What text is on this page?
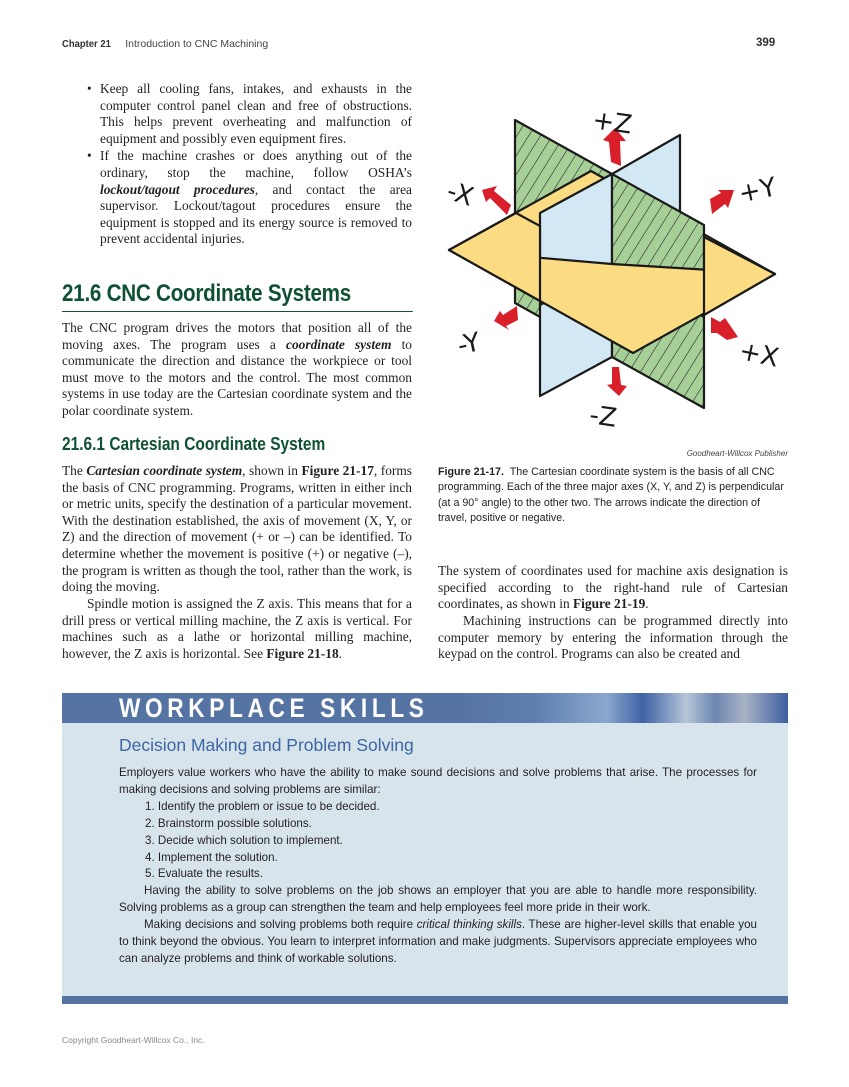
Chapter 21 Introduction to CNC Machining	399
• Keep all cooling fans, intakes, and exhausts in the computer control panel clean and free of obstructions. This helps prevent overheating and malfunction of equipment and possibly even equipment fires.
• If the machine crashes or does anything out of the ordinary, stop the machine, follow OSHA’s lockout/tagout procedures, and contact the area supervisor. Lockout/tagout procedures ensure the equipment is stopped and its energy source is removed to prevent accidental injuries.
21.6 CNC Coordinate Systems
The CNC program drives the motors that position all of the moving axes. The program uses a coordinate system to communicate the direction and distance the workpiece or tool must move to the motors and the control. The most common systems in use today are the Cartesian coordinate system and the polar coordinate system.
21.6.1 Cartesian Coordinate System
The Cartesian coordinate system, shown in Figure 21-17, forms the basis of CNC programming. Programs, written in either inch or metric units, specify the destination of a particular movement. With the destination established, the axis of movement (X, Y, or Z) and the direction of movement (+ or –) can be identified. To determine whether the movement is positive (+) or negative (–), the program is written as though the tool, rather than the work, is doing the moving.
Spindle motion is assigned the Z axis. This means that for a drill press or vertical milling machine, the Z axis is vertical. For machines such as a lathe or horizontal milling machine, however, the Z axis is horizontal. See Figure 21-18.
+Z
-Z
-X
+X
+Y
-Y
Goodheart-Willcox Publisher
Figure 21-17. The Cartesian coordinate system is the basis of all CNC programming. Each of the three major axes (X, Y, and Z) is perpendicular (at a 90° angle) to the other two. The arrows indicate the direction of travel, positive or negative.
The system of coordinates used for machine axis designation is specified according to the right-hand rule of Cartesian coordinates, as shown in Figure 21-19.
Machining instructions can be programmed directly into computer memory by entering the information through the keypad on the control. Programs can also be created and
WORKPLACE SKILLS
Decision Making and Problem Solving

Employers value workers who have the ability to make sound decisions and solve problems that arise. The processes for making decisions and solving problems are similar:

1. Identify the problem or issue to be decided.
2. Brainstorm possible solutions.
3. Decide which solution to implement.
4. Implement the solution.
5. Evaluate the results.

Having the ability to solve problems on the job shows an employer that you are able to handle more responsibility. Solving problems as a group can strengthen the team and help employees feel more pride in their work.

Making decisions and solving problems both require critical thinking skills. These are higher-level skills that enable you to think beyond the obvious. You learn to interpret information and make judgments. Supervisors appreciate employees who can analyze problems and think of workable solutions.

Copyright Goodheart-Willcox Co., Inc.
